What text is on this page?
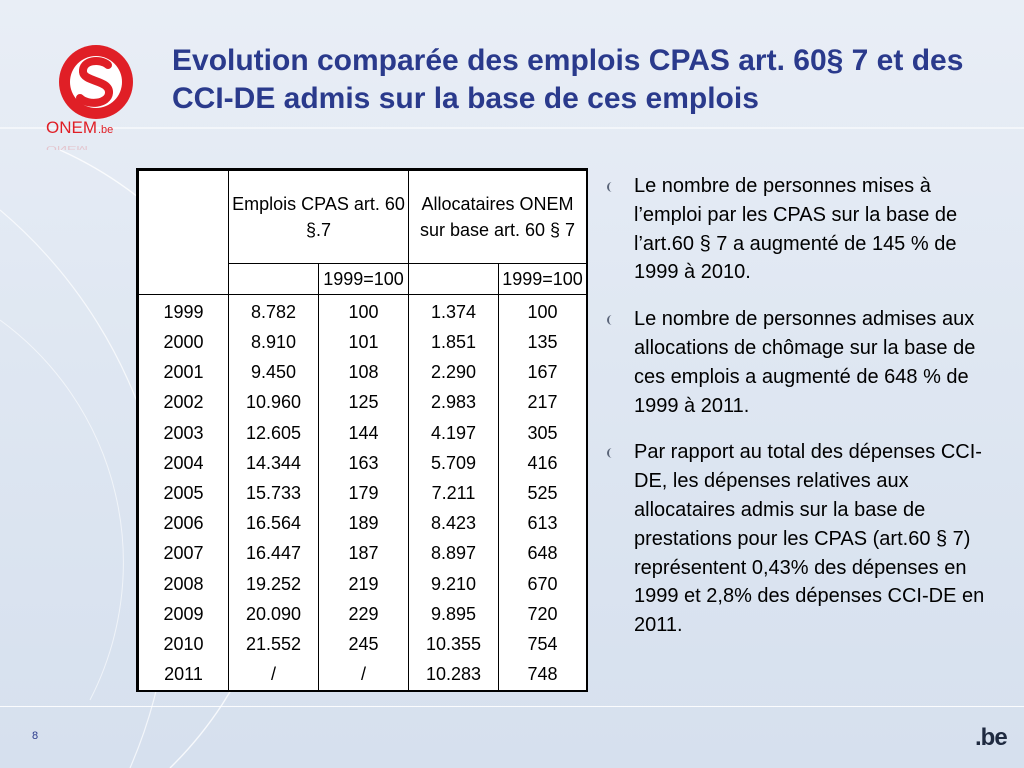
ONEM .be
ONEM
Evolution comparée des emplois CPAS art. 60§ 7 et des CCI-DE admis sur la base de ces emplois
	Emplois CPAS art. 60 §.7		Allocataires ONEM sur base art. 60 § 7	
		1999=100		1999=100
1999	8.782	100	1.374	100
2000	8.910	101	1.851	135
2001	9.450	108	2.290	167
2002	10.960	125	2.983	217
2003	12.605	144	4.197	305
2004	14.344	163	5.709	416
2005	15.733	179	7.211	525
2006	16.564	189	8.423	613
2007	16.447	187	8.897	648
2008	19.252	219	9.210	670
2009	20.090	229	9.895	720
2010	21.552	245	10.355	754
2011	/	/	10.283	748
Le nombre de personnes mises à l’emploi par les CPAS sur la base de l’art.60 § 7 a augmenté de 145 % de 1999 à 2010.
Le nombre de personnes admises aux allocations de chômage sur la base de ces emplois a augmenté de 648 % de 1999 à 2011.
Par rapport au total des dépenses CCI-DE, les dépenses relatives aux allocataires admis sur la base de prestations pour les CPAS (art.60 § 7) représentent 0,43% des dépenses en 1999 et 2,8% des dépenses CCI-DE en 2011.
8	.be
